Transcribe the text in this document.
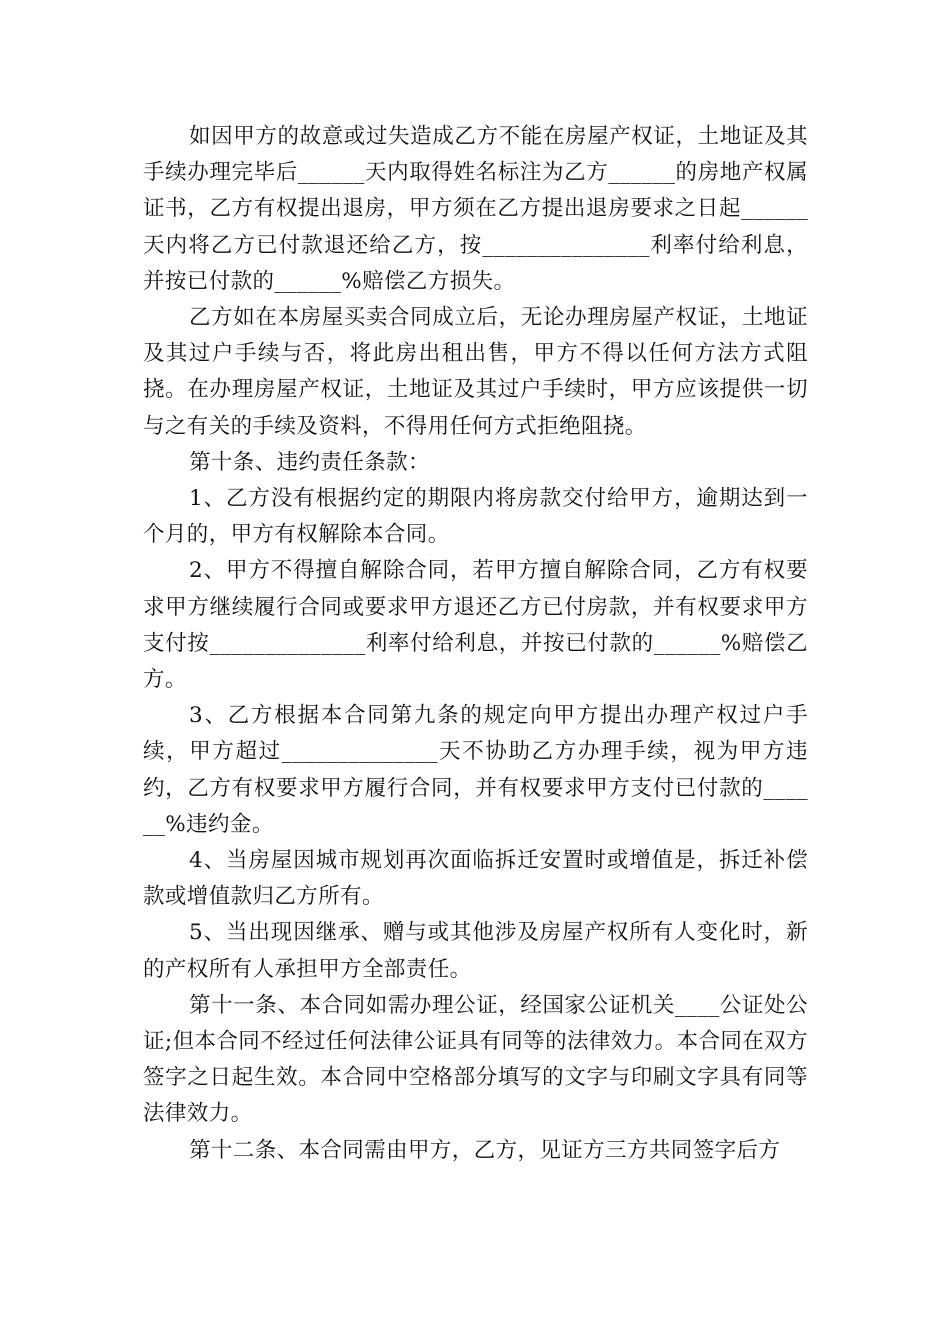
如因甲方的故意或过失造成乙方不能在房屋产权证，土地证及其手续办理完毕后______天内取得姓名标注为乙方______的房地产权属证书，乙方有权提出退房，甲方须在乙方提出退房要求之日起______天内将乙方已付款退还给乙方，按_______________利率付给利息，并按已付款的______%赔偿乙方损失。

乙方如在本房屋买卖合同成立后，无论办理房屋产权证，土地证及其过户手续与否，将此房出租出售，甲方不得以任何方法方式阻挠。在办理房屋产权证，土地证及其过户手续时，甲方应该提供一切与之有关的手续及资料，不得用任何方式拒绝阻挠。

第十条、违约责任条款：

1、乙方没有根据约定的期限内将房款交付给甲方，逾期达到一个月的，甲方有权解除本合同。

2、甲方不得擅自解除合同，若甲方擅自解除合同，乙方有权要求甲方继续履行合同或要求甲方退还乙方已付房款，并有权要求甲方支付按______________利率付给利息，并按已付款的______%赔偿乙方。

3、乙方根据本合同第九条的规定向甲方提出办理产权过户手续，甲方超过______________天不协助乙方办理手续，视为甲方违约，乙方有权要求甲方履行合同，并有权要求甲方支付已付款的______%违约金。

4、当房屋因城市规划再次面临拆迁安置时或增值是，拆迁补偿款或增值款归乙方所有。

5、当出现因继承、赠与或其他涉及房屋产权所有人变化时，新的产权所有人承担甲方全部责任。

第十一条、本合同如需办理公证，经国家公证机关____公证处公证;但本合同不经过任何法律公证具有同等的法律效力。本合同在双方签字之日起生效。本合同中空格部分填写的文字与印刷文字具有同等法律效力。

第十二条、本合同需由甲方，乙方，见证方三方共同签字后方
